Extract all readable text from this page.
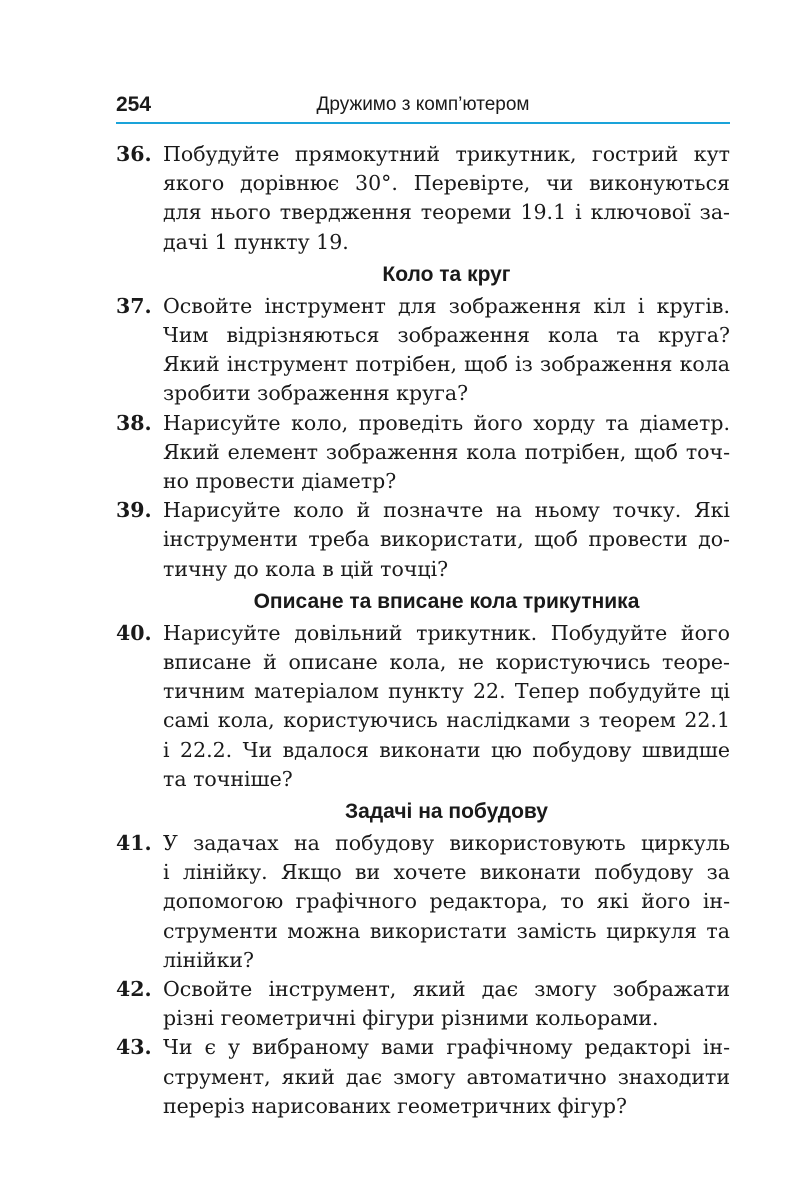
254	Дружимо з комп’ютером
36. Побудуйте прямокутний трикутник, гострий кут
якого дорівнює 30°. Перевірте, чи виконуються
для нього твердження теореми 19.1 і ключової за-
дачі 1 пункту 19.
Коло та круг
37. Освойте інструмент для зображення кіл і кругів.
Чим відрізняються зображення кола та круга?
Який інструмент потрібен, щоб із зображення кола
зробити зображення круга?
38. Нарисуйте коло, проведіть його хорду та діаметр.
Який елемент зображення кола потрібен, щоб точ-
но провести діаметр?
39. Нарисуйте коло й позначте на ньому точку. Які
інструменти треба використати, щоб провести до-
тичну до кола в цій точці?
Описане та вписане кола трикутника
40. Нарисуйте довільний трикутник. Побудуйте його
вписане й описане кола, не користуючись теоре-
тичним матеріалом пункту 22. Тепер побудуйте ці
самі кола, користуючись наслідками з теорем 22.1
і 22.2. Чи вдалося виконати цю побудову швидше
та точніше?
Задачі на побудову
41. У задачах на побудову використовують циркуль
і лінійку. Якщо ви хочете виконати побудову за
допомогою графічного редактора, то які його ін-
струменти можна використати замість циркуля та
лінійки?
42. Освойте інструмент, який дає змогу зображати
різні геометричні фігури різними кольорами.
43. Чи є у вибраному вами графічному редакторі ін-
струмент, який дає змогу автоматично знаходити
переріз нарисованих геометричних фігур?
